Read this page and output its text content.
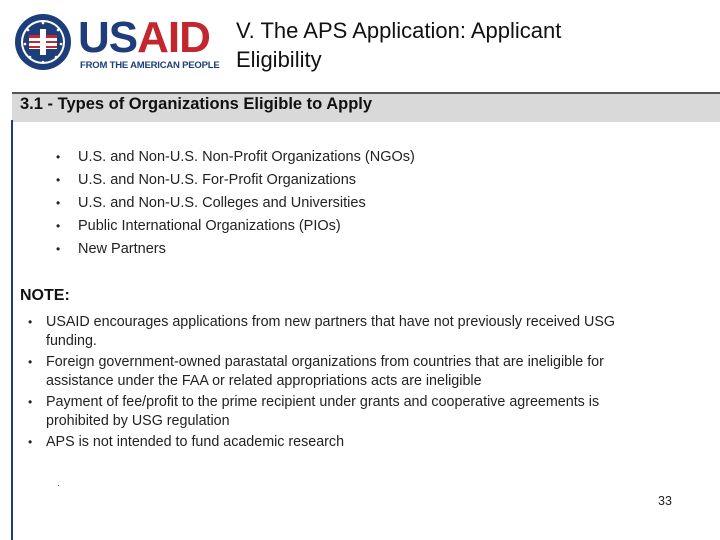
USAID
FROM THE AMERICAN PEOPLE
V. The APS Application: Applicant
Eligibility
3.1 - Types of Organizations Eligible to Apply
• U.S. and Non-U.S. Non-Profit Organizations (NGOs)
• U.S. and Non-U.S. For-Profit Organizations
• U.S. and Non-U.S. Colleges and Universities
• Public International Organizations (PIOs)
• New Partners
NOTE:
• USAID encourages applications from new partners that have not previously received USG funding.
• Foreign government-owned parastatal organizations from countries that are ineligible for assistance under the FAA or related appropriations acts are ineligible
• Payment of fee/profit to the prime recipient under grants and cooperative agreements is prohibited by USG regulation
• APS is not intended to fund academic research
.
33
